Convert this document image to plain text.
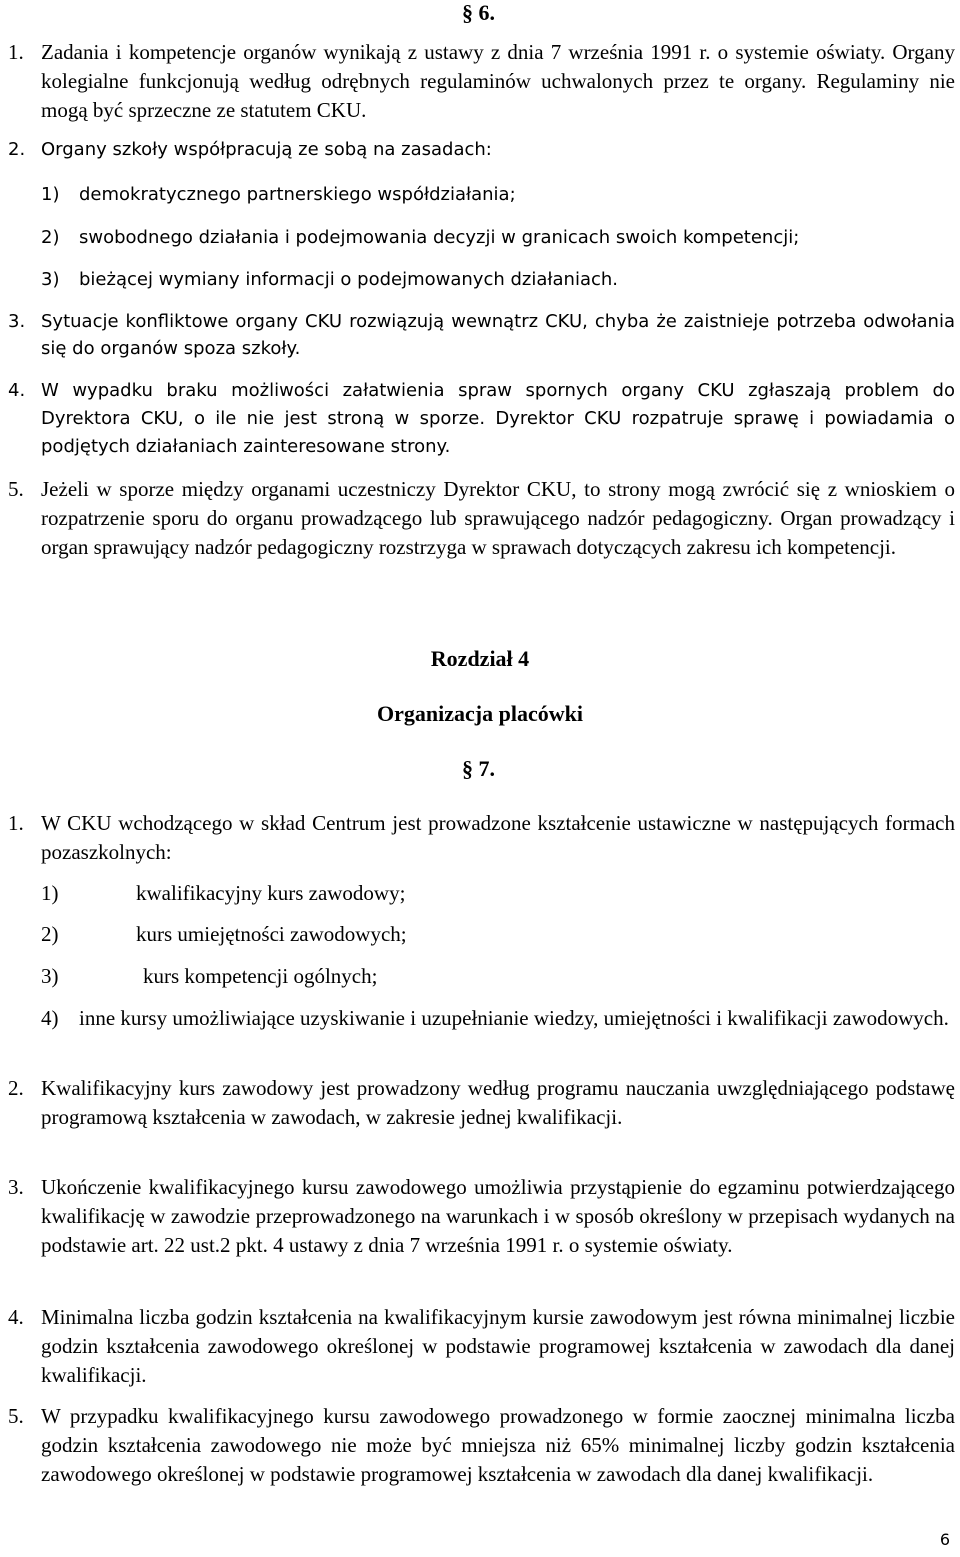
§ 6.
1. Zadania i kompetencje organów wynikają z ustawy z dnia 7 września 1991 r. o systemie oświaty. Organy kolegialne funkcjonują według odrębnych regulaminów uchwalonych przez te organy. Regulaminy nie mogą być sprzeczne ze statutem CKU.
2. Organy szkoły współpracują ze sobą na zasadach:
1)	demokratycznego partnerskiego współdziałania;
2)	swobodnego działania i podejmowania decyzji w granicach swoich kompetencji;
3)	bieżącej wymiany informacji o podejmowanych działaniach.
3. Sytuacje konfliktowe organy CKU rozwiązują wewnątrz CKU, chyba że zaistnieje potrzeba odwołania się do organów spoza szkoły.
4. W wypadku braku możliwości załatwienia spraw spornych organy CKU zgłaszają problem do Dyrektora CKU, o ile nie jest stroną w sporze. Dyrektor CKU rozpatruje sprawę i powiadamia o podjętych działaniach zainteresowane strony.
5. Jeżeli w sporze między organami uczestniczy Dyrektor CKU, to strony mogą zwrócić się z wnioskiem o rozpatrzenie sporu do organu prowadzącego lub sprawującego nadzór pedagogiczny. Organ prowadzący i organ sprawujący nadzór pedagogiczny rozstrzyga w sprawach dotyczących zakresu ich kompetencji.
Rozdział 4
Organizacja placówki
§ 7.
1. W CKU wchodzącego w skład Centrum jest prowadzone kształcenie ustawiczne w następujących formach pozaszkolnych:
1)	kwalifikacyjny kurs zawodowy;
2)	kurs umiejętności zawodowych;
3)	kurs kompetencji ogólnych;
4) inne kursy umożliwiające uzyskiwanie i uzupełnianie wiedzy, umiejętności i kwalifikacji zawodowych.
2. Kwalifikacyjny kurs zawodowy jest prowadzony według programu nauczania uwzględniającego podstawę programową kształcenia w zawodach, w zakresie jednej kwalifikacji.
3. Ukończenie kwalifikacyjnego kursu zawodowego umożliwia przystąpienie do egzaminu potwierdzającego kwalifikację w zawodzie przeprowadzonego na warunkach i w sposób określony w przepisach wydanych na podstawie art. 22 ust.2 pkt. 4 ustawy z dnia 7 września 1991 r. o systemie oświaty.
4. Minimalna liczba godzin kształcenia na kwalifikacyjnym kursie zawodowym jest równa minimalnej liczbie godzin kształcenia zawodowego określonej w podstawie programowej kształcenia w zawodach dla danej kwalifikacji.
5. W przypadku kwalifikacyjnego kursu zawodowego prowadzonego w formie zaocznej minimalna liczba godzin kształcenia zawodowego nie może być mniejsza niż 65% minimalnej liczby godzin kształcenia zawodowego określonej w podstawie programowej kształcenia w zawodach dla danej kwalifikacji.
6
